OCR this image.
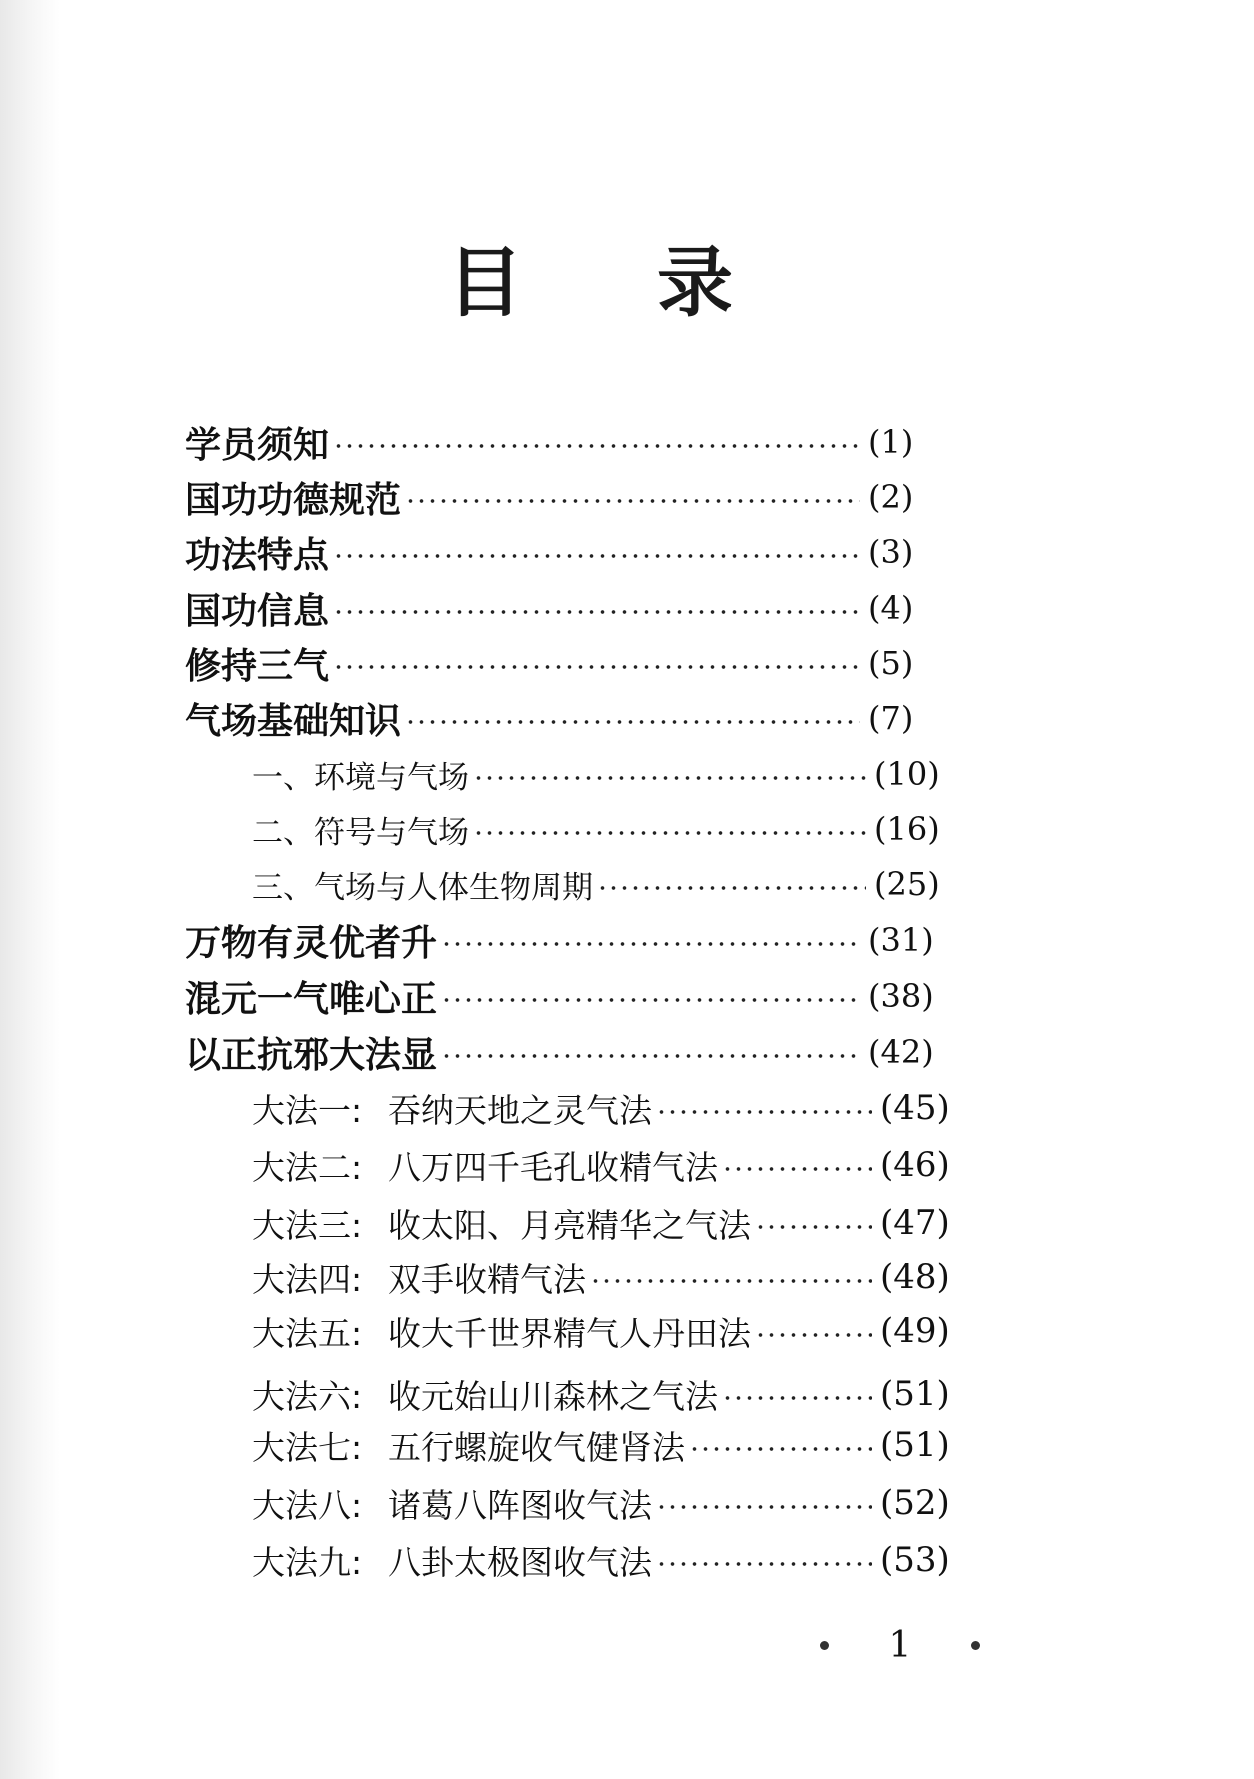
目 录
学员须知	(1)
国功功德规范	(2)
功法特点	(3)
国功信息	(4)
修持三气	(5)
气场基础知识	(7)
一、环境与气场	(10)
二、符号与气场	(16)
三、气场与人体生物周期	(25)
万物有灵优者升	(31)
混元一气唯心正	(38)
以正抗邪大法显	(42)
大法一: 吞纳天地之灵气法	(45)
大法二: 八万四千毛孔收精气法	(46)
大法三: 收太阳、月亮精华之气法	(47)
大法四: 双手收精气法	(48)
大法五: 收大千世界精气人丹田法	(49)
大法六: 收元始山川森林之气法	(51)
大法七: 五行螺旋收气健肾法	(51)
大法八: 诸葛八阵图收气法	(52)
大法九: 八卦太极图收气法	(53)
1
